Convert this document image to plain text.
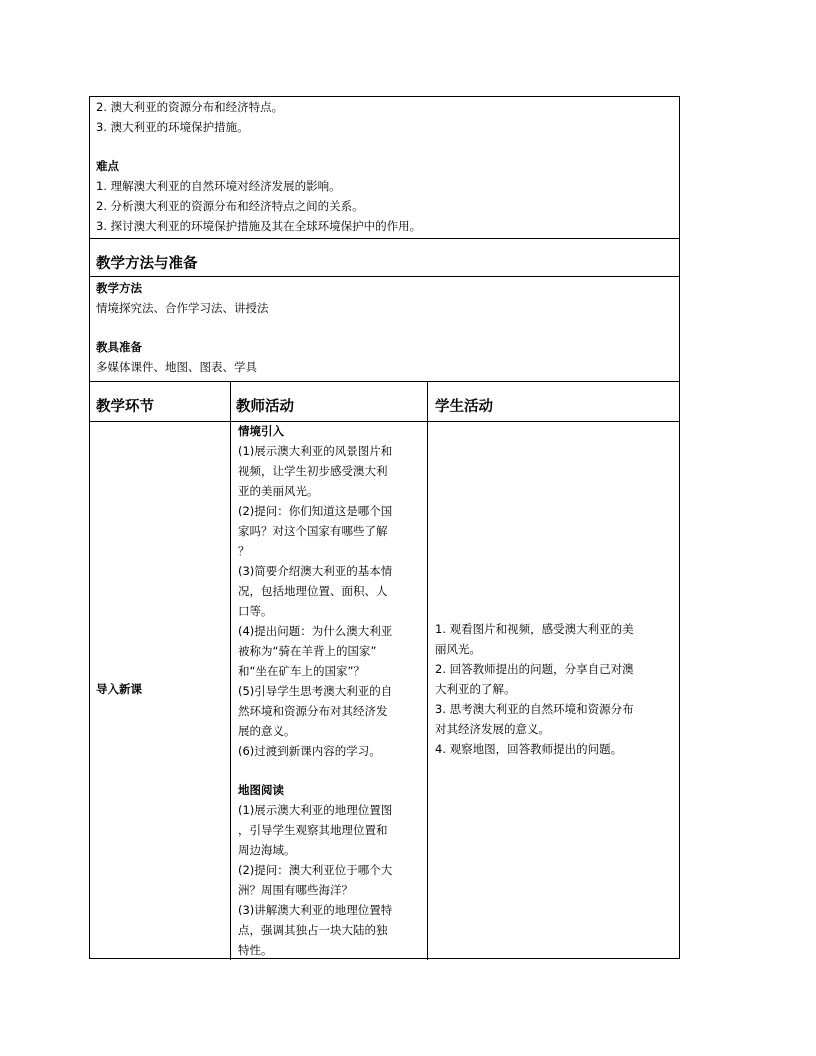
2. 澳大利亚的资源分布和经济特点。
3. 澳大利亚的环境保护措施。
难点
1. 理解澳大利亚的自然环境对经济发展的影响。
2. 分析澳大利亚的资源分布和经济特点之间的关系。
3. 探讨澳大利亚的环境保护措施及其在全球环境保护中的作用。
教学方法与准备
教学方法
情境探究法、合作学习法、讲授法
教具准备
多媒体课件、地图、图表、学具
教学环节	教师活动	学生活动
导入新课
情境引入
(1)展示澳大利亚的风景图片和
视频，让学生初步感受澳大利
亚的美丽风光。
(2)提问：你们知道这是哪个国
家吗？对这个国家有哪些了解
？
(3)简要介绍澳大利亚的基本情
况，包括地理位置、面积、人
口等。
(4)提出问题：为什么澳大利亚
被称为“骑在羊背上的国家”
和“坐在矿车上的国家”？
(5)引导学生思考澳大利亚的自
然环境和资源分布对其经济发
展的意义。
(6)过渡到新课内容的学习。
地图阅读
(1)展示澳大利亚的地理位置图
，引导学生观察其地理位置和
周边海域。
(2)提问：澳大利亚位于哪个大
洲？周围有哪些海洋？
(3)讲解澳大利亚的地理位置特
点，强调其独占一块大陆的独
特性。
1. 观看图片和视频，感受澳大利亚的美
丽风光。
2. 回答教师提出的问题，分享自己对澳
大利亚的了解。
3. 思考澳大利亚的自然环境和资源分布
对其经济发展的意义。
4. 观察地图，回答教师提出的问题。
